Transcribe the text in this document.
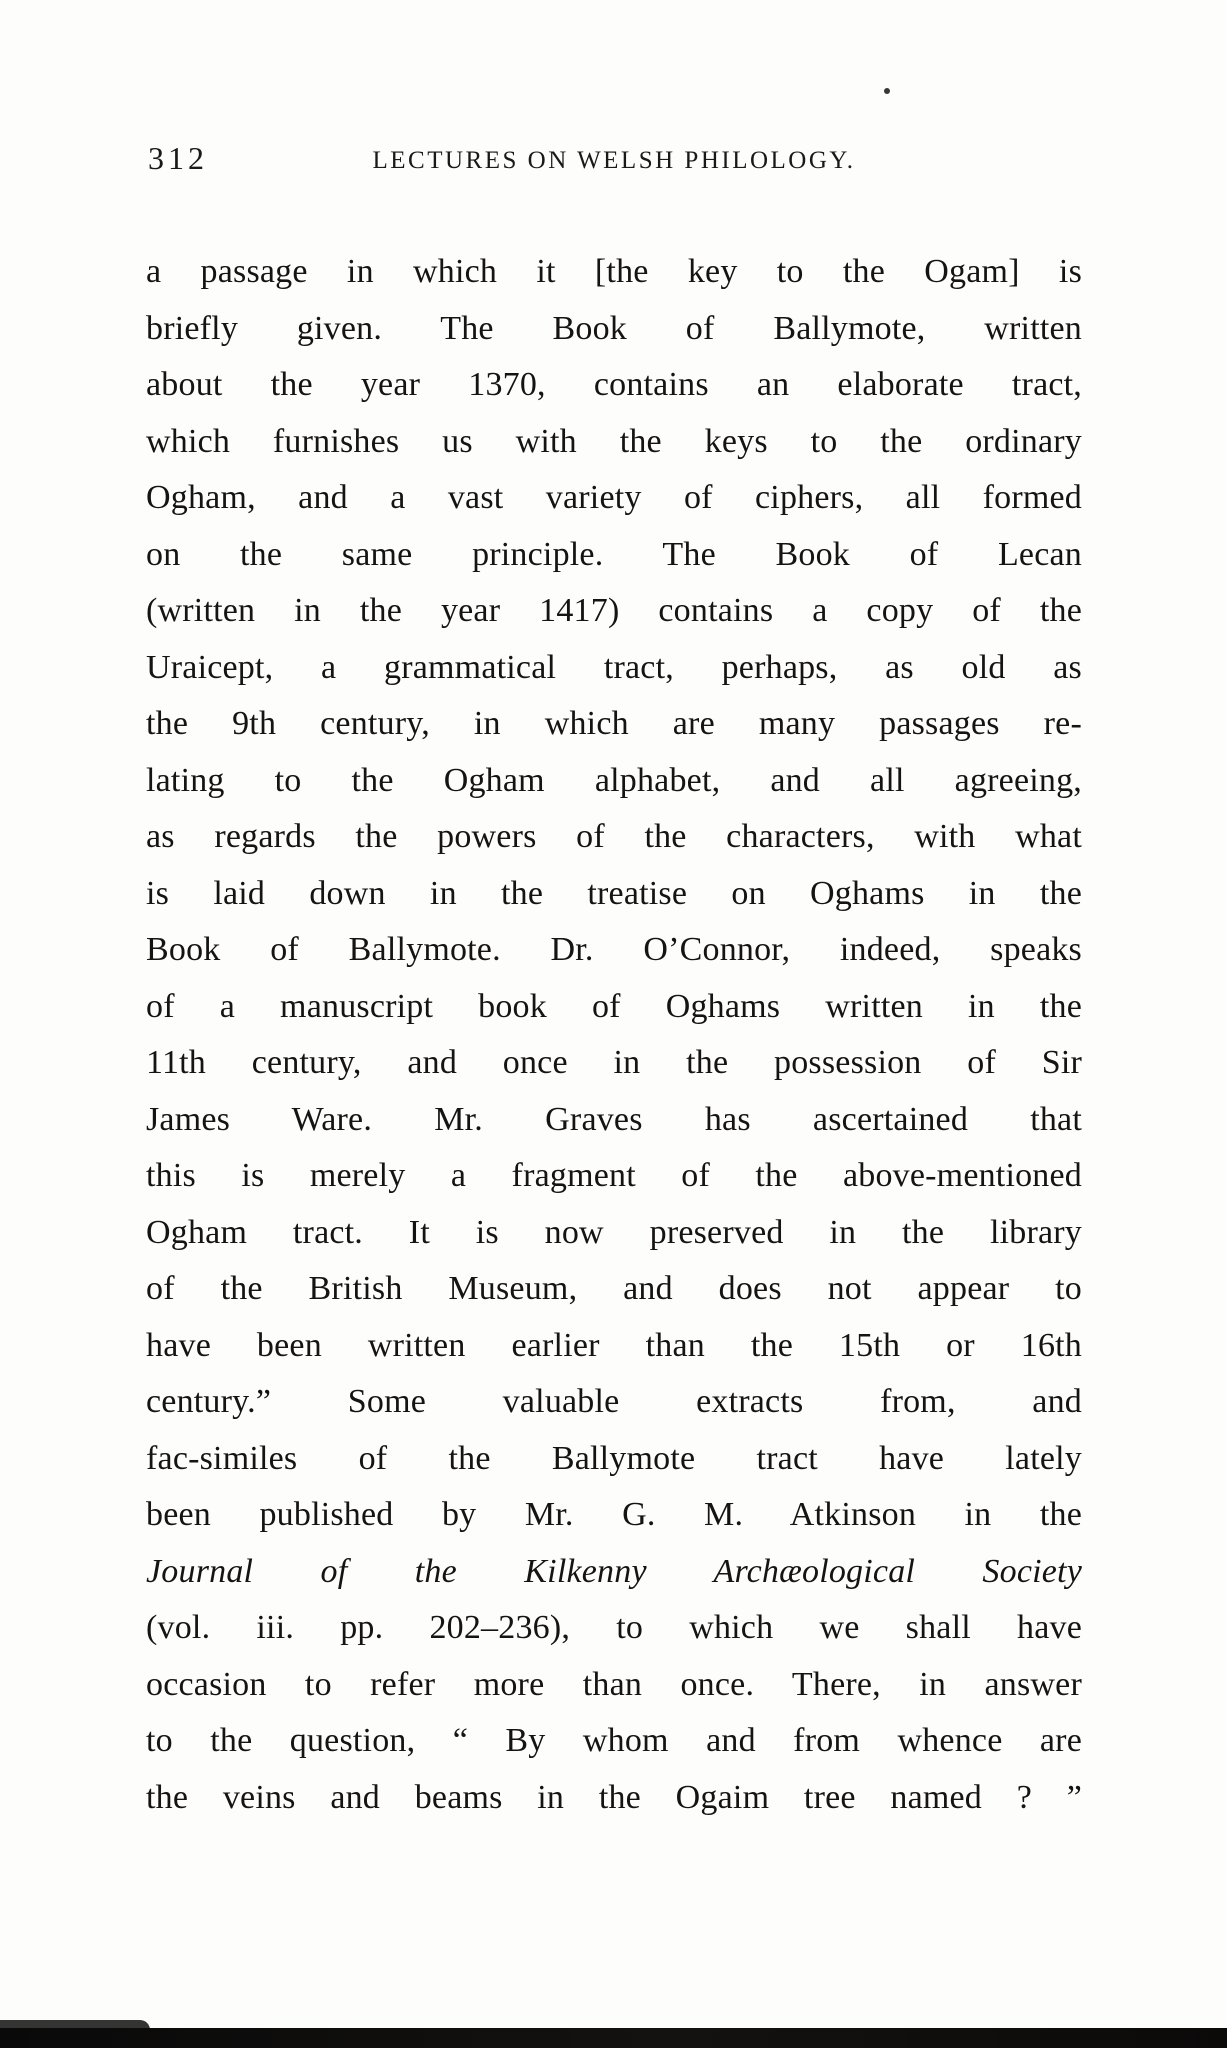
312	LECTURES ON WELSH PHILOLOGY.
a passage in which it [the key to the Ogam] is
briefly given. The Book of Ballymote, written
about the year 1370, contains an elaborate tract,
which furnishes us with the keys to the ordinary
Ogham, and a vast variety of ciphers, all formed
on the same principle. The Book of Lecan
(written in the year 1417) contains a copy of the
Uraicept, a grammatical tract, perhaps, as old as
the 9th century, in which are many passages re-
lating to the Ogham alphabet, and all agreeing,
as regards the powers of the characters, with what
is laid down in the treatise on Oghams in the
Book of Ballymote. Dr. O’Connor, indeed, speaks
of a manuscript book of Oghams written in the
11th century, and once in the possession of Sir
James Ware. Mr. Graves has ascertained that
this is merely a fragment of the above-mentioned
Ogham tract. It is now preserved in the library
of the British Museum, and does not appear to
have been written earlier than the 15th or 16th
century.” Some valuable extracts from, and
fac-similes of the Ballymote tract have lately
been published by Mr. G. M. Atkinson in the
Journal of the Kilkenny Archæological Society
(vol. iii. pp. 202–236), to which we shall have
occasion to refer more than once. There, in answer
to the question, “ By whom and from whence are
the veins and beams in the Ogaim tree named ? ”
